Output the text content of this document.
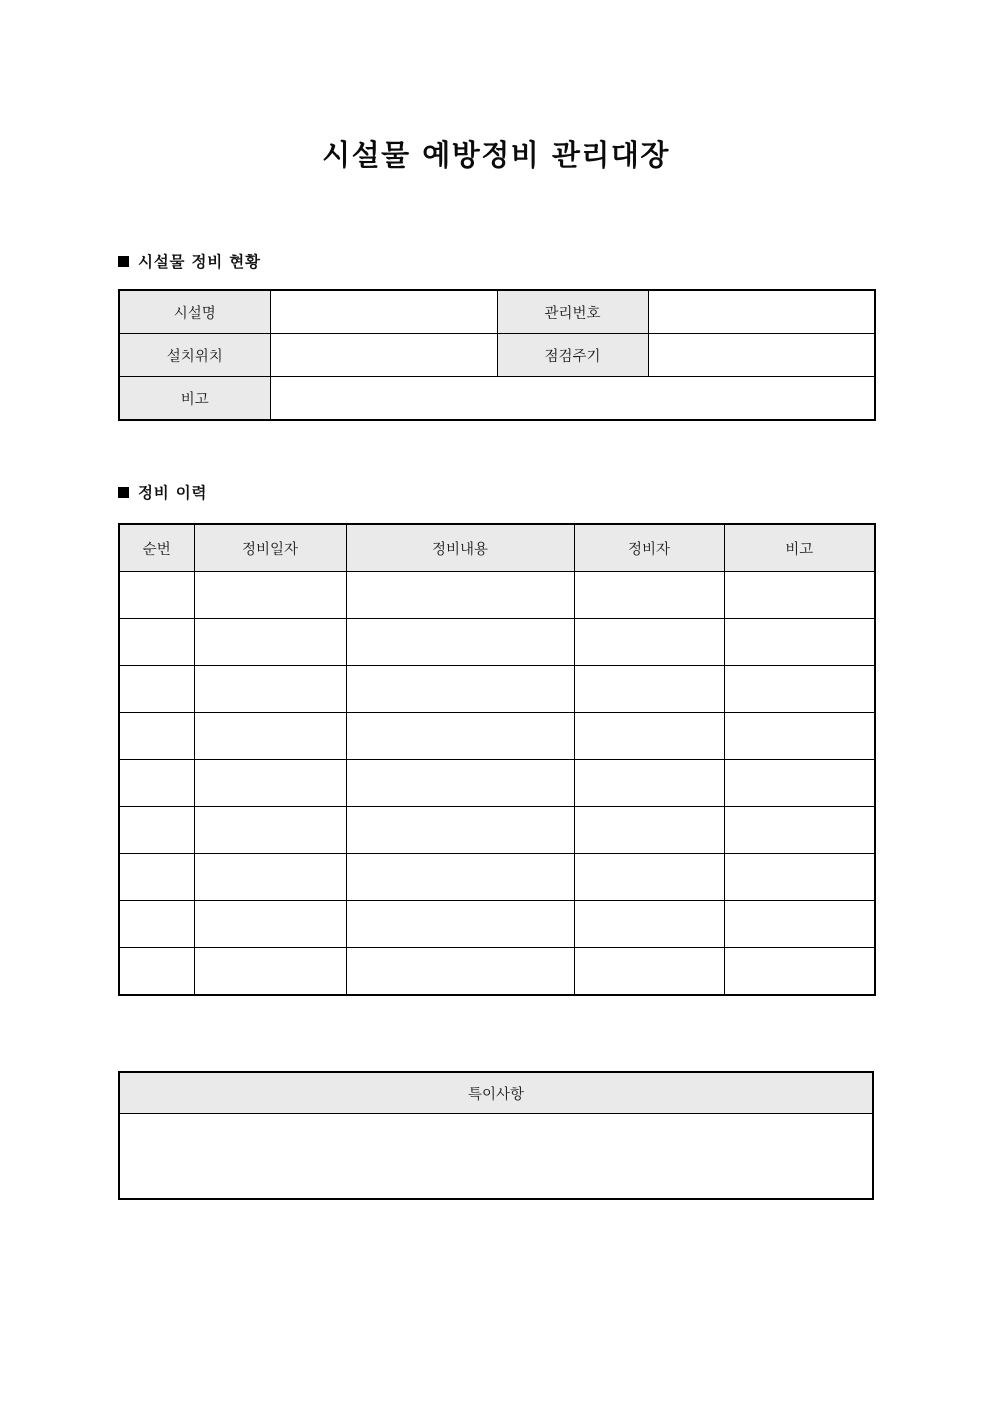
시설물 예방정비 관리대장
시설물 정비 현황
시설명		관리번호	
설치위치		점검주기	
비고			
정비 이력
순번	정비일자	정비내용	정비자	비고

특이사항
